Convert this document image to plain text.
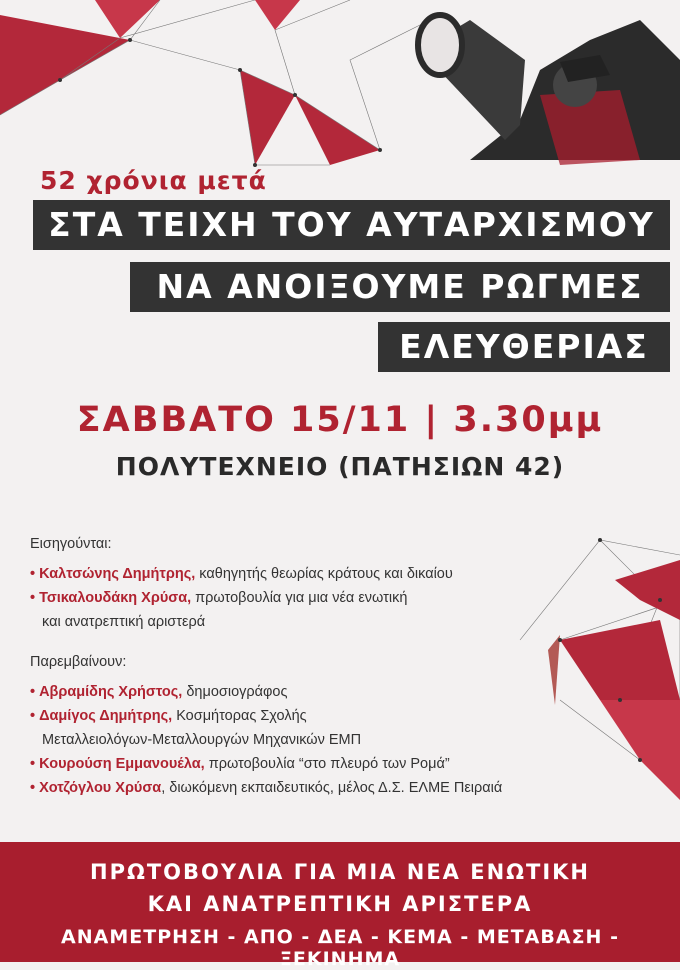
52 χρόνια μετά

ΣΤΑ ΤΕΙΧΗ ΤΟΥ ΑΥΤΑΡΧΙΣΜΟΥ
ΝΑ ΑΝΟΙΞΟΥΜΕ ΡΩΓΜΕΣ
ΕΛΕΥΘΕΡΙΑΣ
ΣΑΒΒΑΤΟ 15/11 | 3.30μμ
ΠΟΛΥΤΕΧΝΕΙΟ (ΠΑΤΗΣΙΩΝ 42)
Εισηγούνται:
• Καλτσώνης Δημήτρης, καθηγητής θεωρίας κράτους και δικαίου
• Τσικαλουδάκη Χρύσα, πρωτοβουλία για μια νέα ενωτική
και ανατρεπτική αριστερά
Παρεμβαίνουν:
• Αβραμίδης Χρήστος, δημοσιογράφος
• Δαμίγος Δημήτρης, Κοσμήτορας Σχολής
Μεταλλειολόγων-Μεταλλουργών Μηχανικών ΕΜΠ
• Κουρούση Εμμανουέλα, πρωτοβουλία “στο πλευρό των Ρομά”
• Χοτζόγλου Χρύσα, διωκόμενη εκπαιδευτικός, μέλος Δ.Σ. ΕΛΜΕ Πειραιά
ΠΡΩΤΟΒΟΥΛΙΑ ΓΙΑ ΜΙΑ ΝΕΑ ΕΝΩΤΙΚΗ
ΚΑΙ ΑΝΑΤΡΕΠΤΙΚΗ ΑΡΙΣΤΕΡΑ
ΑΝΑΜΕΤΡΗΣΗ - ΑΠΟ - ΔΕΑ - ΚΕΜΑ - ΜΕΤΑΒΑΣΗ - ΞΕΚΙΝΗΜΑ
